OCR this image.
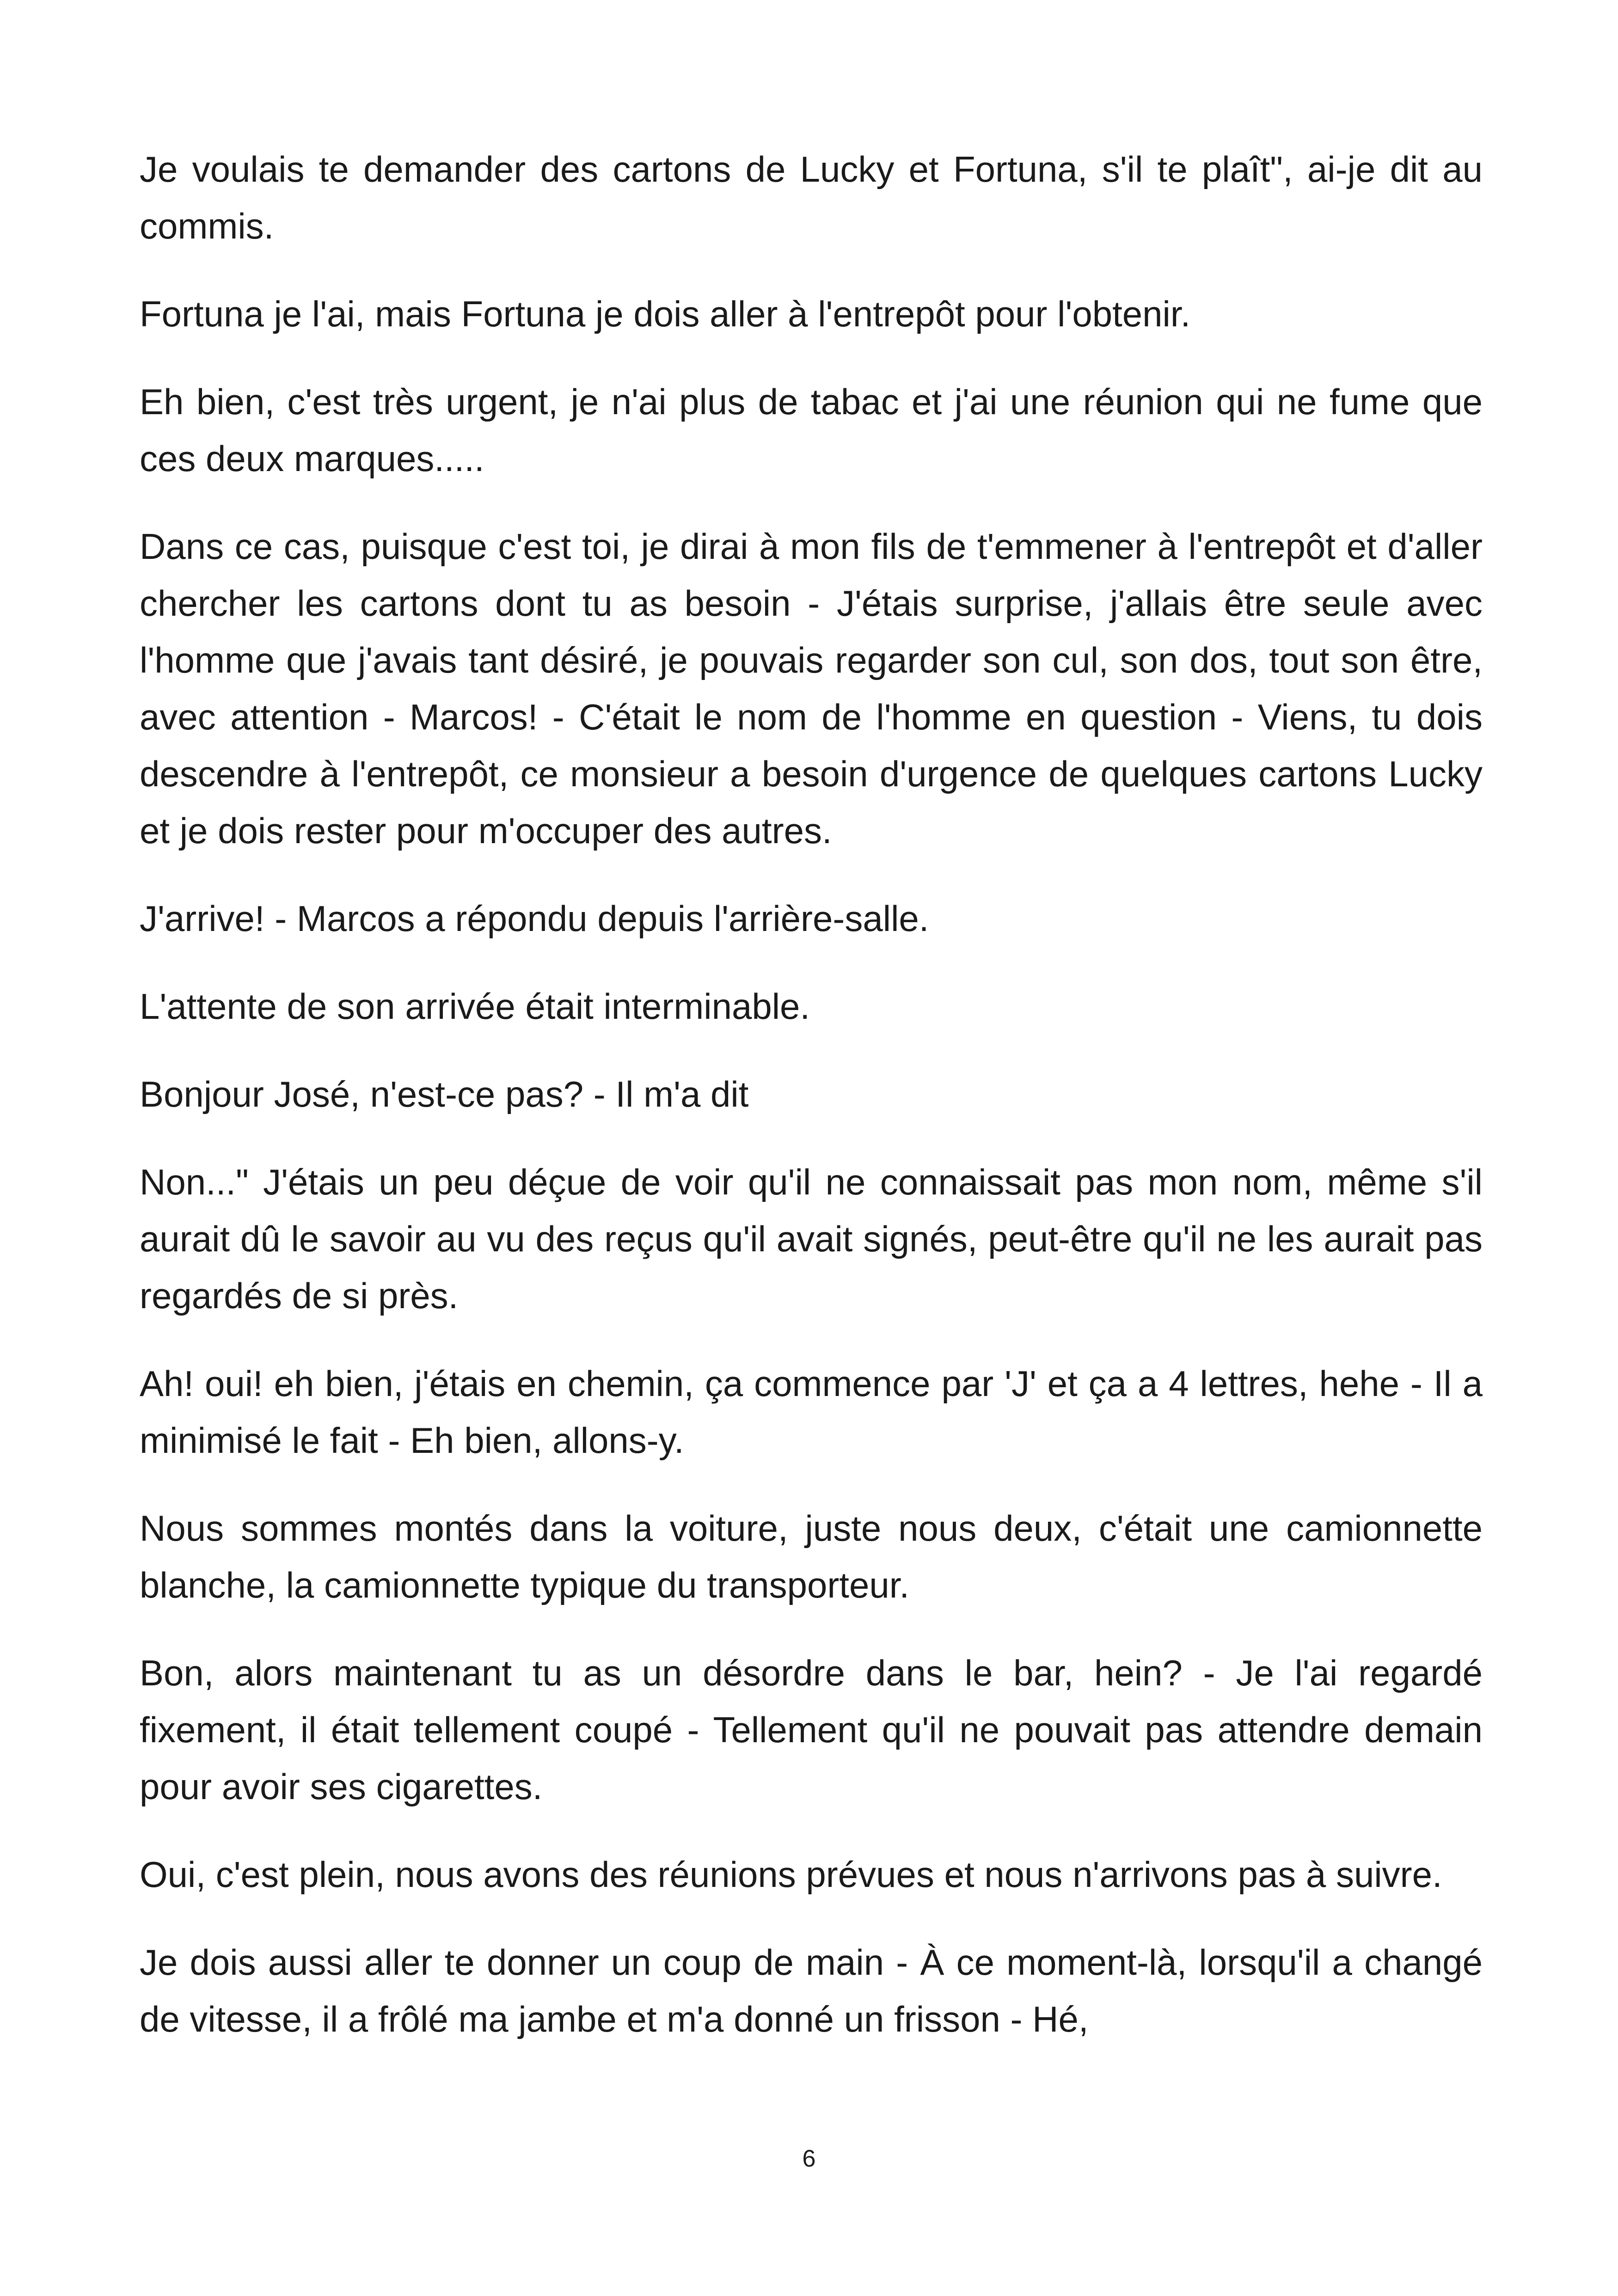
Je voulais te demander des cartons de Lucky et Fortuna, s'il te plaît", ai-je dit au commis.

Fortuna je l'ai, mais Fortuna je dois aller à l'entrepôt pour l'obtenir.

Eh bien, c'est très urgent, je n'ai plus de tabac et j'ai une réunion qui ne fume que ces deux marques.....

Dans ce cas, puisque c'est toi, je dirai à mon fils de t'emmener à l'entrepôt et d'aller chercher les cartons dont tu as besoin - J'étais surprise, j'allais être seule avec l'homme que j'avais tant désiré, je pouvais regarder son cul, son dos, tout son être, avec attention - Marcos! - C'était le nom de l'homme en question - Viens, tu dois descendre à l'entrepôt, ce monsieur a besoin d'urgence de quelques cartons Lucky et je dois rester pour m'occuper des autres.

J'arrive! - Marcos a répondu depuis l'arrière-salle.

L'attente de son arrivée était interminable.

Bonjour José, n'est-ce pas? - Il m'a dit

Non..." J'étais un peu déçue de voir qu'il ne connaissait pas mon nom, même s'il aurait dû le savoir au vu des reçus qu'il avait signés, peut-être qu'il ne les aurait pas regardés de si près.

Ah! oui! eh bien, j'étais en chemin, ça commence par 'J' et ça a 4 lettres, hehe - Il a minimisé le fait - Eh bien, allons-y.

Nous sommes montés dans la voiture, juste nous deux, c'était une camionnette blanche, la camionnette typique du transporteur.

Bon, alors maintenant tu as un désordre dans le bar, hein? - Je l'ai regardé fixement, il était tellement coupé - Tellement qu'il ne pouvait pas attendre demain pour avoir ses cigarettes.

Oui, c'est plein, nous avons des réunions prévues et nous n'arrivons pas à suivre.

Je dois aussi aller te donner un coup de main - À ce moment-là, lorsqu'il a changé de vitesse, il a frôlé ma jambe et m'a donné un frisson - Hé,

6
